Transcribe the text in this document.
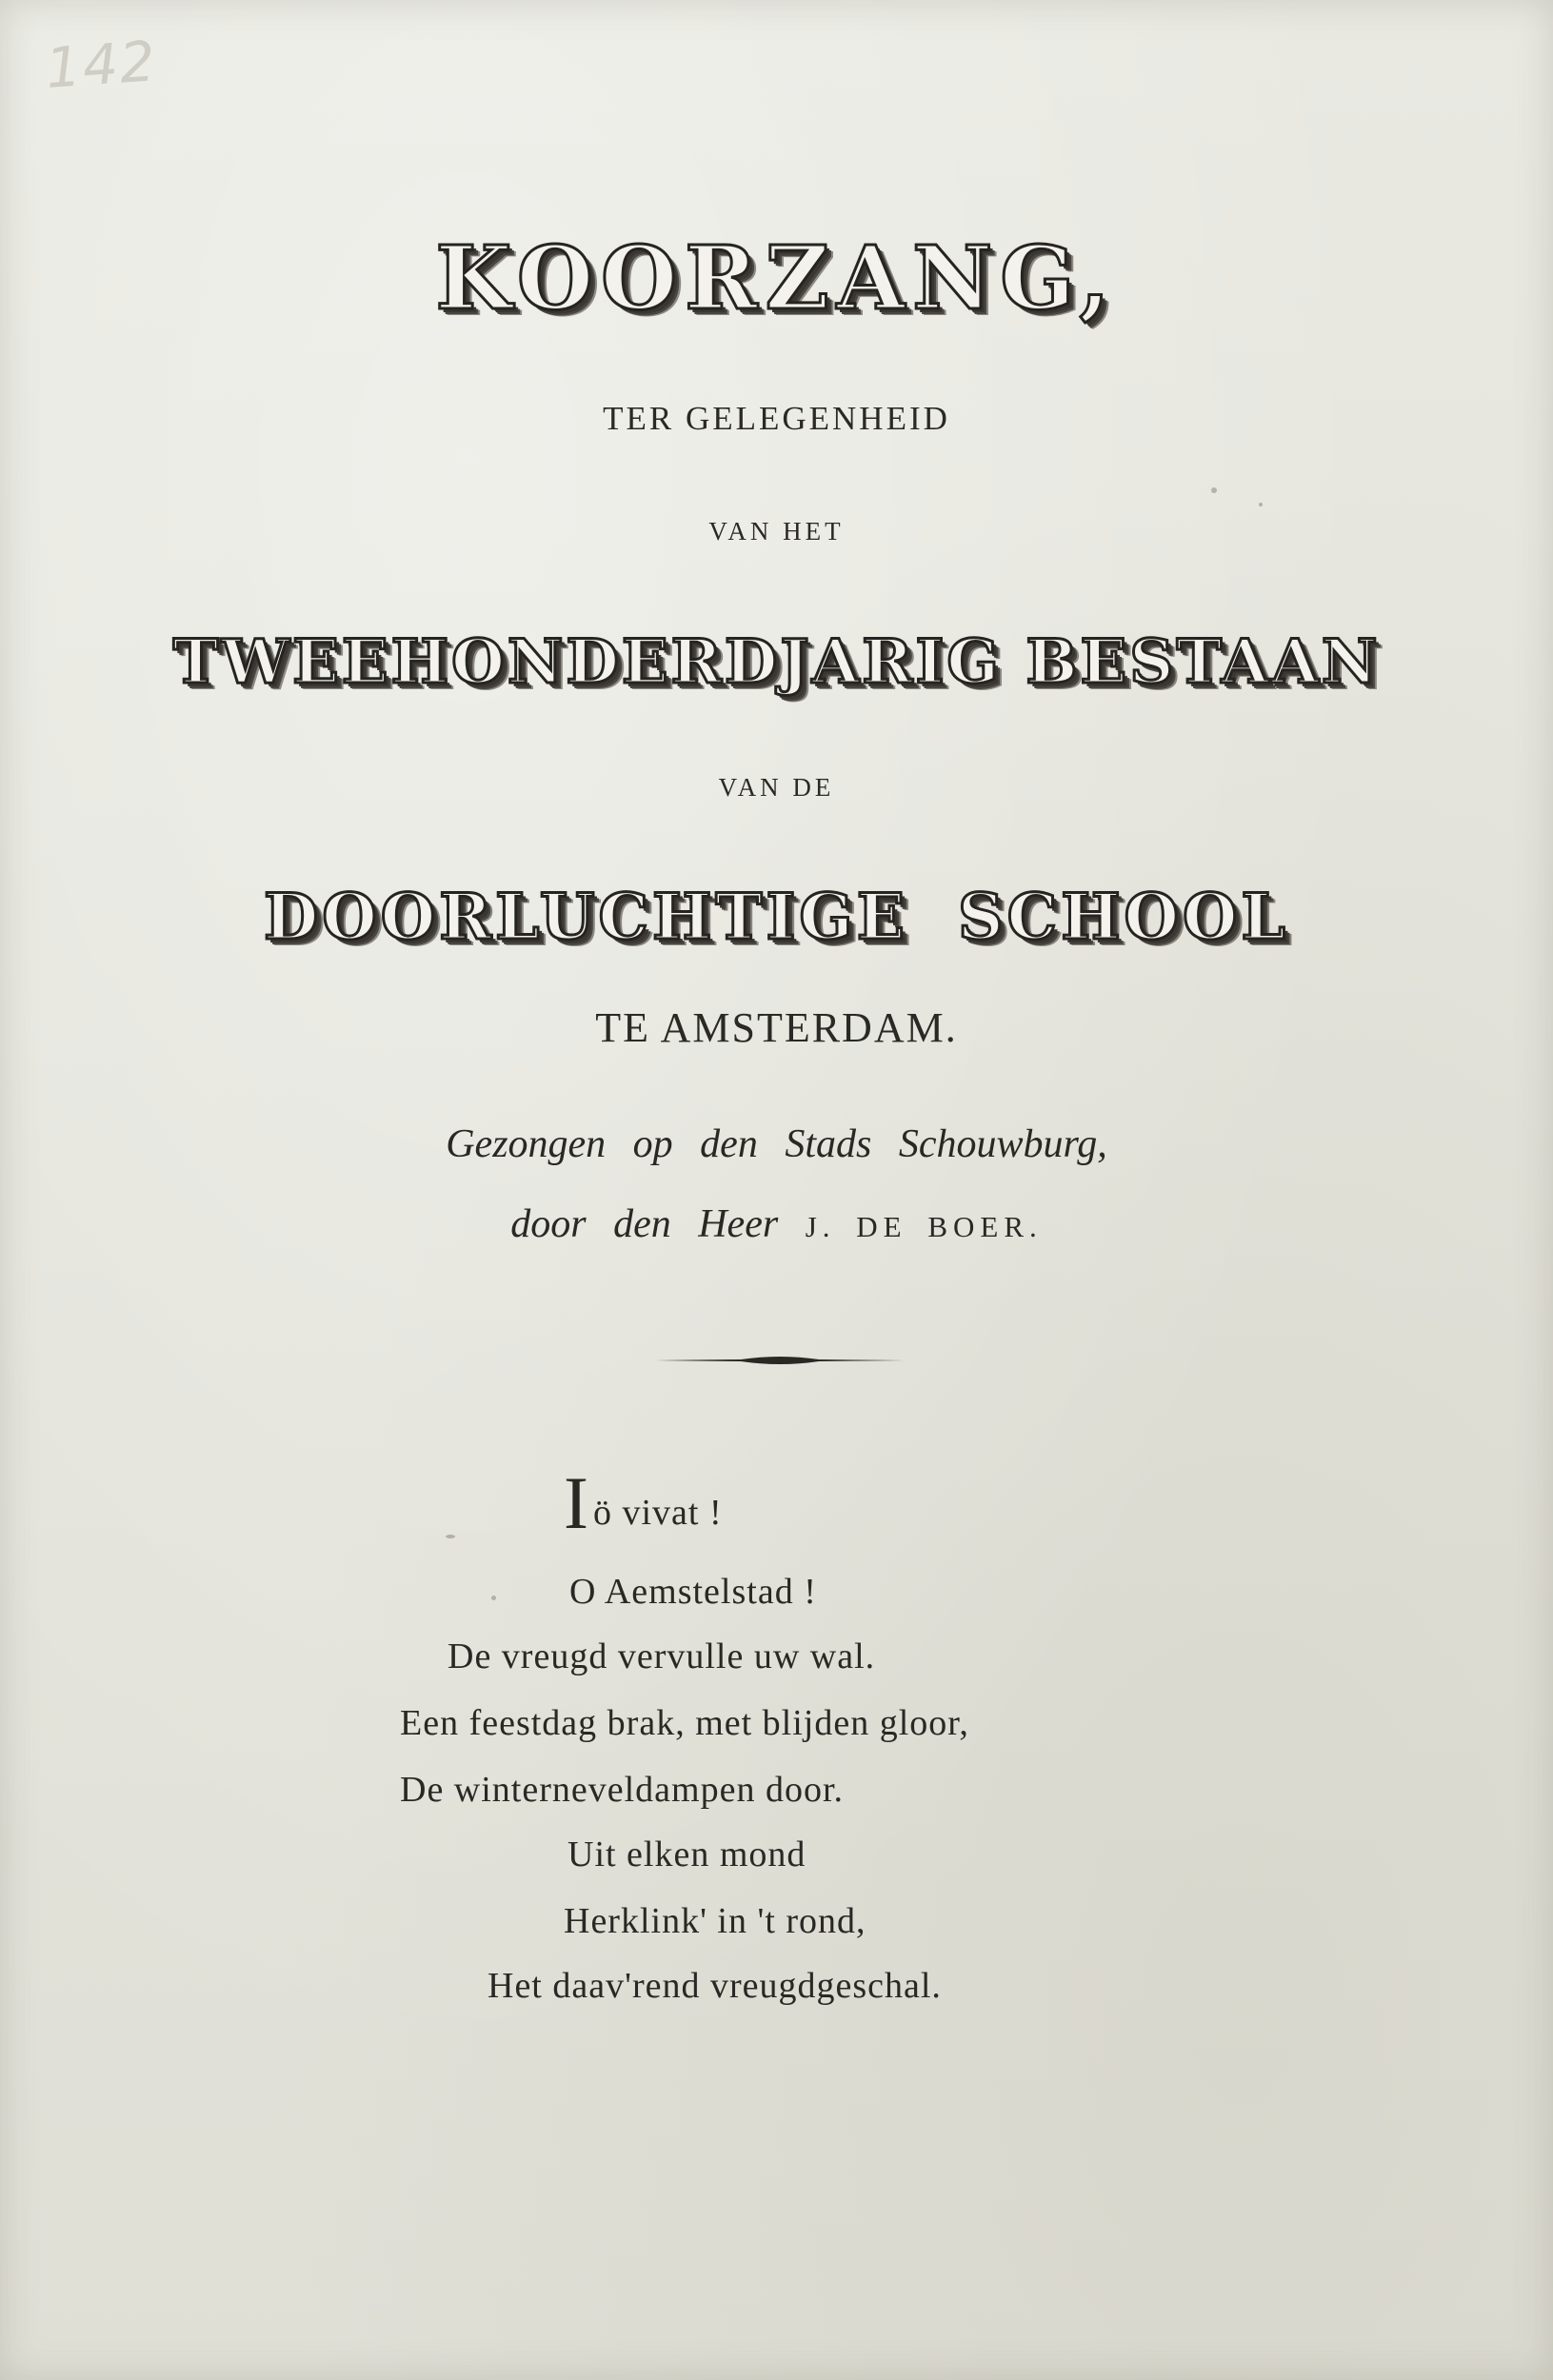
142
KOORZANG,
TER GELEGENHEID
VAN HET
TWEEHONDERDJARIG BESTAAN
VAN DE
DOORLUCHTIGE SCHOOL
TE AMSTERDAM.
Gezongen op den Stads Schouwburg,
door den Heer J. DE BOER.
Iö vivat !
O Aemstelstad !
De vreugd vervulle uw wal.
Een feestdag brak, met blijden gloor,
De winterneveldampen door.
Uit elken mond
Herklink' in 't rond,
Het daav'rend vreugdgeschal.
